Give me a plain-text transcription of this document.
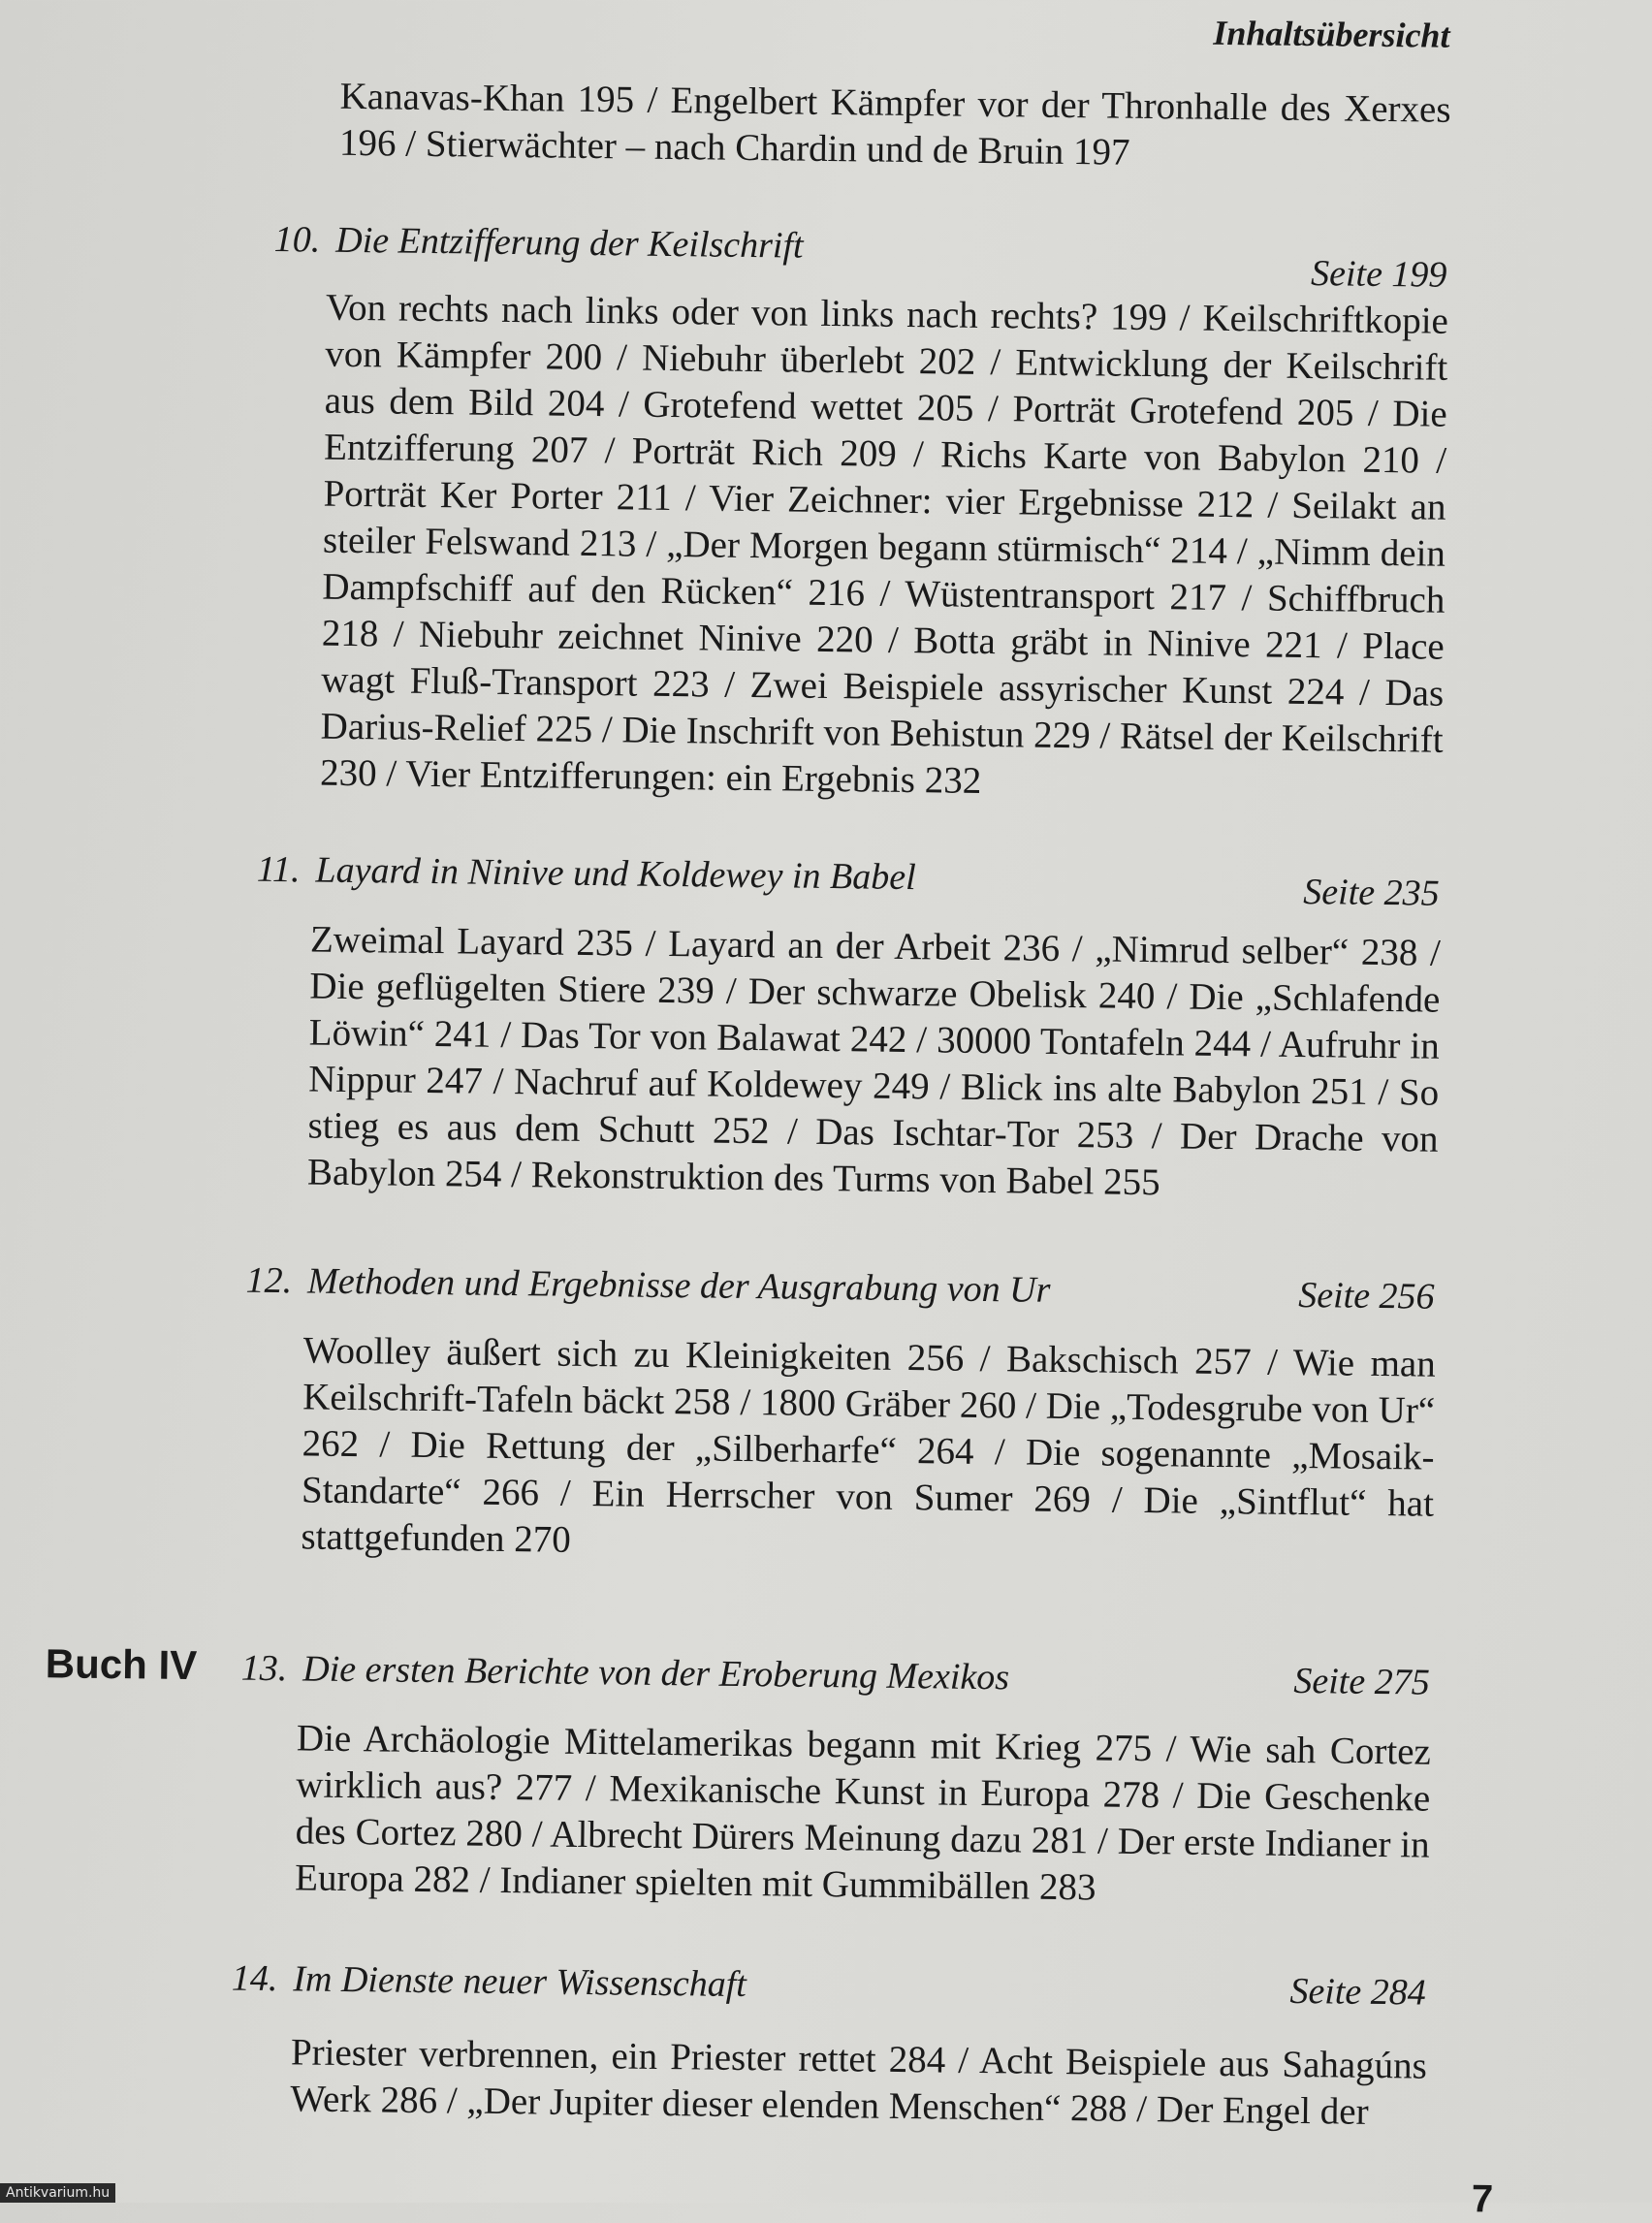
Inhaltsübersicht

Kanavas-Khan 195 / Engelbert Kämpfer vor der Thronhalle des Xerxes 196 / Stierwächter – nach Chardin und de Bruin 197

10. Die Entzifferung der Keilschrift
Seite 199

Von rechts nach links oder von links nach rechts? 199 / Keilschriftkopie von Kämpfer 200 / Niebuhr überlebt 202 / Entwicklung der Keilschrift aus dem Bild 204 / Grotefend wettet 205 / Porträt Grotefend 205 / Die Entzifferung 207 / Porträt Rich 209 / Richs Karte von Babylon 210 / Porträt Ker Porter 211 / Vier Zeichner: vier Ergebnisse 212 / Seilakt an steiler Felswand 213 / „Der Morgen begann stürmisch“ 214 / „Nimm dein Dampfschiff auf den Rücken“ 216 / Wüstentransport 217 / Schiffbruch 218 / Niebuhr zeichnet Ninive 220 / Botta gräbt in Ninive 221 / Place wagt Fluß-Transport 223 / Zwei Beispiele assyrischer Kunst 224 / Das Darius-Relief 225 / Die Inschrift von Behistun 229 / Rätsel der Keilschrift 230 / Vier Entzifferungen: ein Ergebnis 232

11. Layard in Ninive und Koldewey in Babel	Seite 235

Zweimal Layard 235 / Layard an der Arbeit 236 / „Nimrud selber“ 238 / Die geflügelten Stiere 239 / Der schwarze Obelisk 240 / Die „Schlafende Löwin“ 241 / Das Tor von Balawat 242 / 30000 Tontafeln 244 / Aufruhr in Nippur 247 / Nachruf auf Koldewey 249 / Blick ins alte Babylon 251 / So stieg es aus dem Schutt 252 / Das Ischtar-Tor 253 / Der Drache von Babylon 254 / Rekonstruktion des Turms von Babel 255

12. Methoden und Ergebnisse der Ausgrabung von Ur	Seite 256

Woolley äußert sich zu Kleinigkeiten 256 / Bakschisch 257 / Wie man Keilschrift-Tafeln bäckt 258 / 1800 Gräber 260 / Die „Todesgrube von Ur“ 262 / Die Rettung der „Silberharfe“ 264 / Die sogenannte „Mosaik-Standarte“ 266 / Ein Herrscher von Sumer 269 / Die „Sintflut“ hat stattgefunden 270

Buch IV 13. Die ersten Berichte von der Eroberung Mexikos	Seite 275

Die Archäologie Mittelamerikas begann mit Krieg 275 / Wie sah Cortez wirklich aus? 277 / Mexikanische Kunst in Europa 278 / Die Geschenke des Cortez 280 / Albrecht Dürers Meinung dazu 281 / Der erste Indianer in Europa 282 / Indianer spielten mit Gummibällen 283

14. Im Dienste neuer Wissenschaft	Seite 284

Priester verbrennen, ein Priester rettet 284 / Acht Beispiele aus Sahagúns Werk 286 / „Der Jupiter dieser elenden Menschen“ 288 / Der Engel der

7
Antikvarium.hu
